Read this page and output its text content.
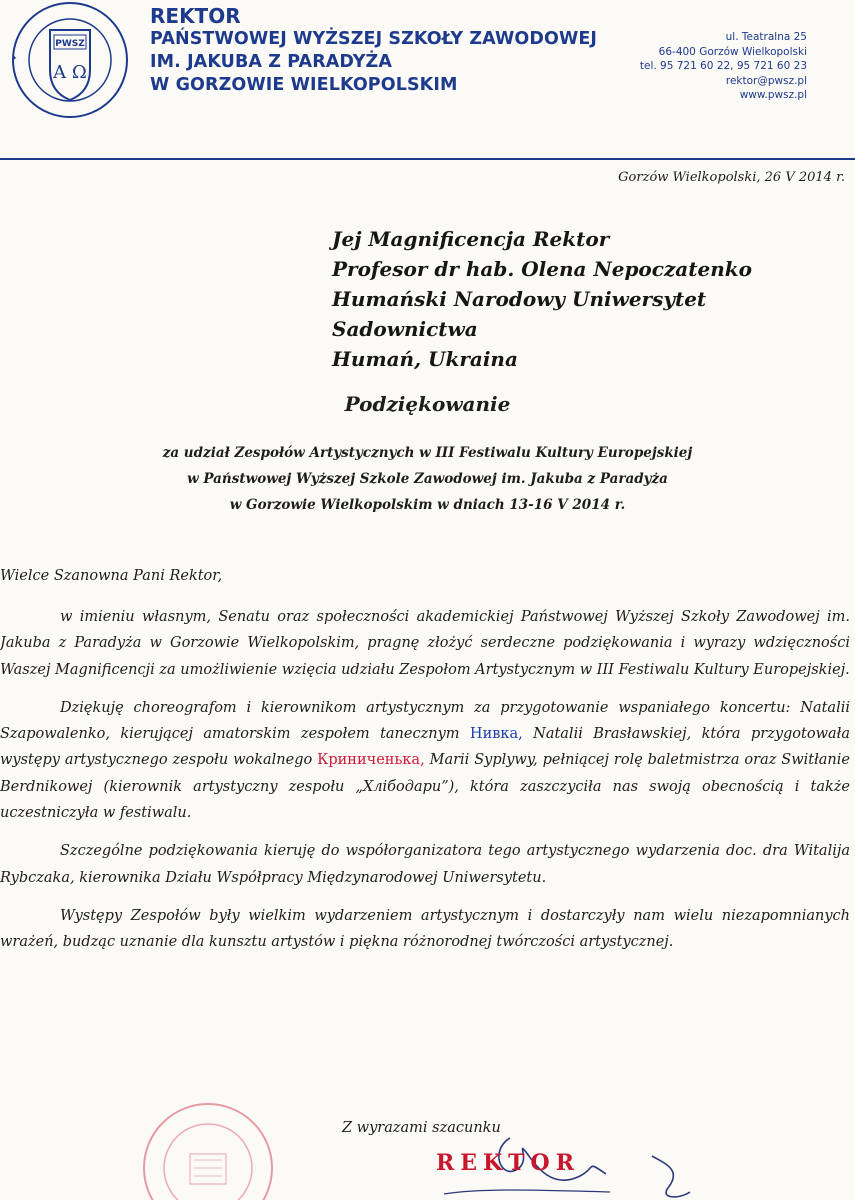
PWSZ
A Ω
✦
REKTOR
PAŃSTWOWEJ WYŻSZEJ SZKOŁY ZAWODOWEJ
IM. JAKUBA Z PARADYŻA
W GORZOWIE WIELKOPOLSKIM
ul. Teatralna 25
66-400 Gorzów Wielkopolski
tel. 95 721 60 22, 95 721 60 23
rektor@pwsz.pl
www.pwsz.pl
Gorzów Wielkopolski, 26 V 2014 r.
Jej Magnificencja Rektor
Profesor dr hab. Olena Nepoczatenko
Humański Narodowy Uniwersytet Sadownictwa
Humań, Ukraina
Podziękowanie
za udział Zespołów Artystycznych w III Festiwalu Kultury Europejskiej
w Państwowej Wyższej Szkole Zawodowej im. Jakuba z Paradyża
w Gorzowie Wielkopolskim w dniach 13-16 V 2014 r.
Wielce Szanowna Pani Rektor,

w imieniu własnym, Senatu oraz społeczności akademickiej Państwowej Wyższej Szkoły Zawodowej im. Jakuba z Paradyża w Gorzowie Wielkopolskim, pragnę złożyć serdeczne podziękowania i wyrazy wdzięczności Waszej Magnificencji za umożliwienie wzięcia udziału Zespołom Artystycznym w III Festiwalu Kultury Europejskiej.

Dziękuję choreografom i kierownikom artystycznym za przygotowanie wspaniałego koncertu: Natalii Szapowalenko, kierującej amatorskim zespołem tanecznym Нивка, Natalii Brasławskiej, która przygotowała występy artystycznego zespołu wokalnego Криниченька, Marii Syplywy, pełniącej rolę baletmistrza oraz Switłanie Berdnikowej (kierownik artystyczny zespołu „Хлібодари”), która zaszczyciła nas swoją obecnością i także uczestniczyła w festiwalu.

Szczególne podziękowania kieruję do współorganizatora tego artystycznego wydarzenia doc. dra Witalija Rybczaka, kierownika Działu Współpracy Międzynarodowej Uniwersytetu.

Występy Zespołów były wielkim wydarzeniem artystycznym i dostarczyły nam wielu niezapomnianych wrażeń, budząc uznanie dla kunsztu artystów i piękna różnorodnej twórczości artystycznej.

Z wyrazami szacunku
REKTOR
